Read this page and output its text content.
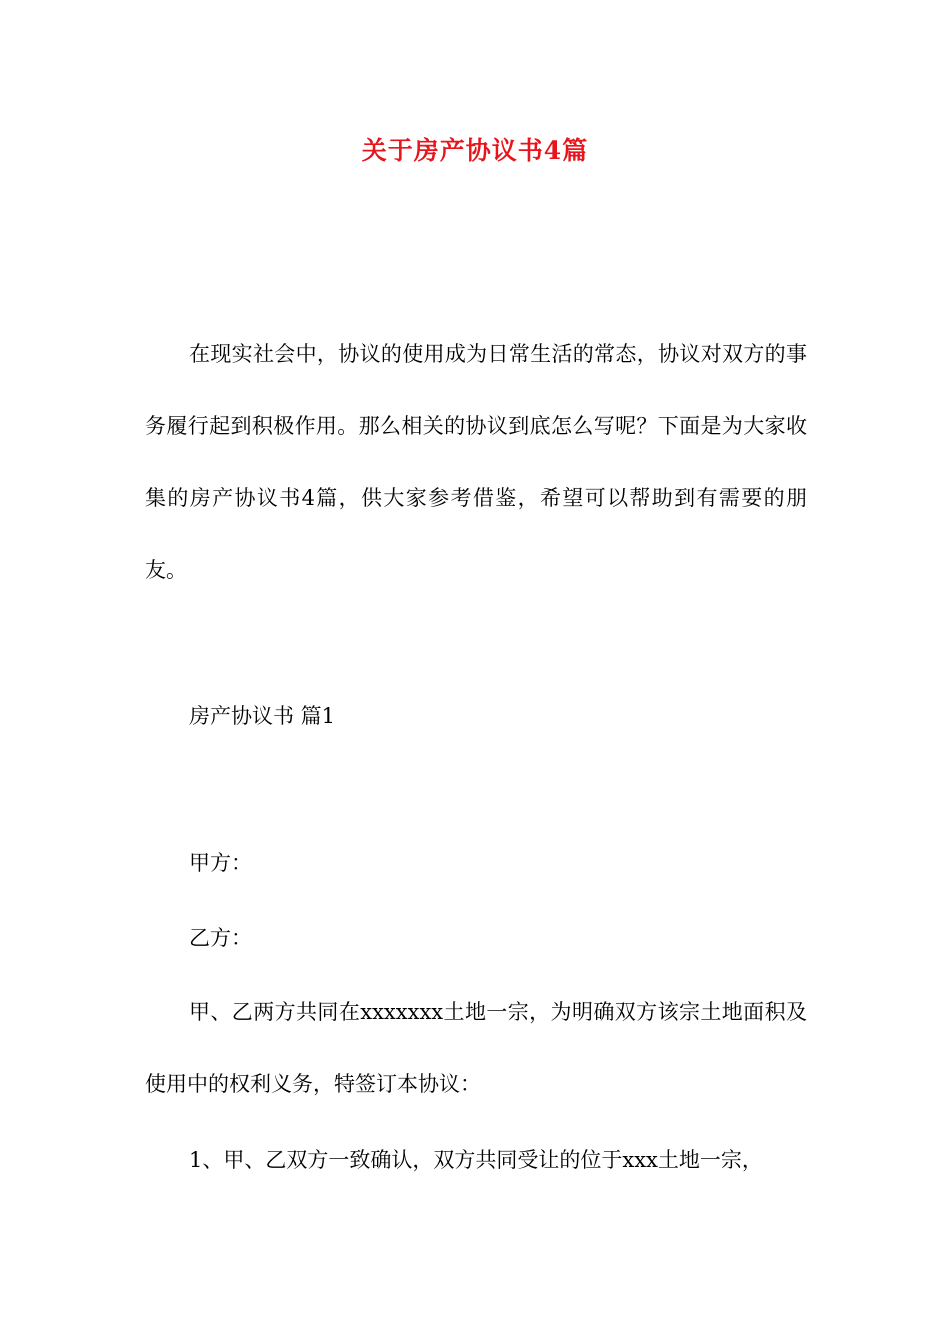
关于房产协议书4篇

在现实社会中，协议的使用成为日常生活的常态，协议对双方的事务履行起到积极作用。那么相关的协议到底怎么写呢？下面是为大家收集的房产协议书4篇，供大家参考借鉴，希望可以帮助到有需要的朋友。

房产协议书 篇1

甲方：

乙方：

甲、乙两方共同在xxxxxxx土地一宗，为明确双方该宗土地面积及使用中的权利义务，特签订本协议：

1、甲、乙双方一致确认，双方共同受让的位于xxx土地一宗，
